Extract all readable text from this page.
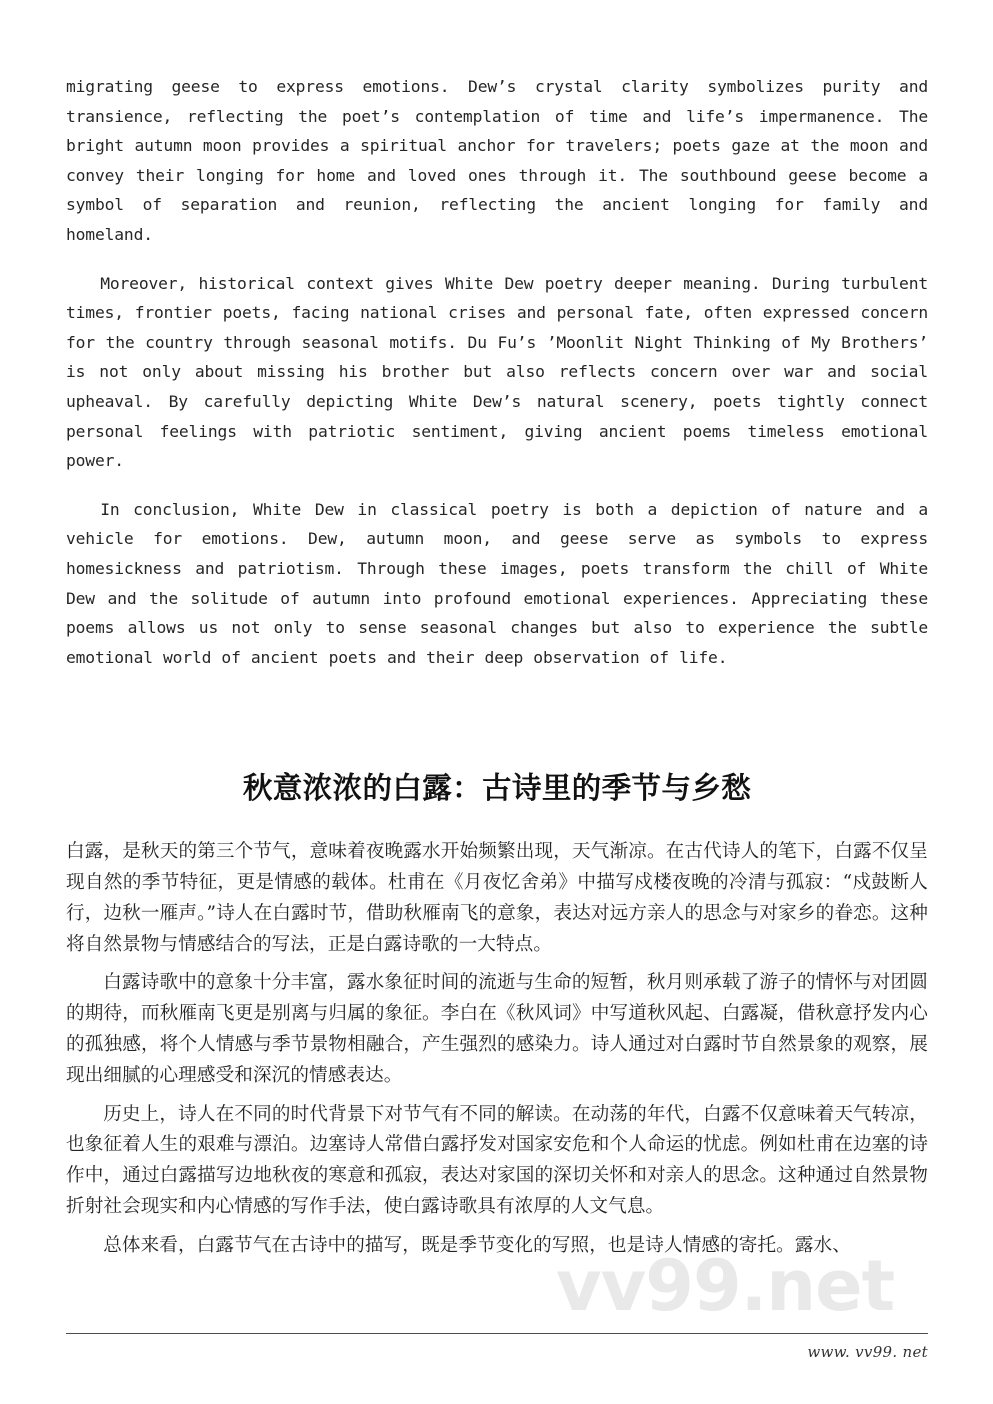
vv99.net

migrating geese to express emotions. Dew’s crystal clarity symbolizes purity and transience, reflecting the poet’s contemplation of time and life’s impermanence. The bright autumn moon provides a spiritual anchor for travelers; poets gaze at the moon and convey their longing for home and loved ones through it. The southbound geese become a symbol of separation and reunion, reflecting the ancient longing for family and homeland.

Moreover, historical context gives White Dew poetry deeper meaning. During turbulent times, frontier poets, facing national crises and personal fate, often expressed concern for the country through seasonal motifs. Du Fu’s ’Moonlit Night Thinking of My Brothers’ is not only about missing his brother but also reflects concern over war and social upheaval. By carefully depicting White Dew’s natural scenery, poets tightly connect personal feelings with patriotic sentiment, giving ancient poems timeless emotional power.

In conclusion, White Dew in classical poetry is both a depiction of nature and a vehicle for emotions. Dew, autumn moon, and geese serve as symbols to express homesickness and patriotism. Through these images, poets transform the chill of White Dew and the solitude of autumn into profound emotional experiences. Appreciating these poems allows us not only to sense seasonal changes but also to experience the subtle emotional world of ancient poets and their deep observation of life.

秋意浓浓的白露：古诗里的季节与乡愁

白露，是秋天的第三个节气，意味着夜晚露水开始频繁出现，天气渐凉。在古代诗人的笔下，白露不仅呈现自然的季节特征，更是情感的载体。杜甫在《月夜忆舍弟》中描写戍楼夜晚的冷清与孤寂：“戍鼓断人行，边秋一雁声。”诗人在白露时节，借助秋雁南飞的意象，表达对远方亲人的思念与对家乡的眷恋。这种将自然景物与情感结合的写法，正是白露诗歌的一大特点。

白露诗歌中的意象十分丰富，露水象征时间的流逝与生命的短暂，秋月则承载了游子的情怀与对团圆的期待，而秋雁南飞更是别离与归属的象征。李白在《秋风词》中写道秋风起、白露凝，借秋意抒发内心的孤独感，将个人情感与季节景物相融合，产生强烈的感染力。诗人通过对白露时节自然景象的观察，展现出细腻的心理感受和深沉的情感表达。

历史上，诗人在不同的时代背景下对节气有不同的解读。在动荡的年代，白露不仅意味着天气转凉，也象征着人生的艰难与漂泊。边塞诗人常借白露抒发对国家安危和个人命运的忧虑。例如杜甫在边塞的诗作中，通过白露描写边地秋夜的寒意和孤寂，表达对家国的深切关怀和对亲人的思念。这种通过自然景物折射社会现实和内心情感的写作手法，使白露诗歌具有浓厚的人文气息。

总体来看，白露节气在古诗中的描写，既是季节变化的写照，也是诗人情感的寄托。露水、

www. vv99. net
